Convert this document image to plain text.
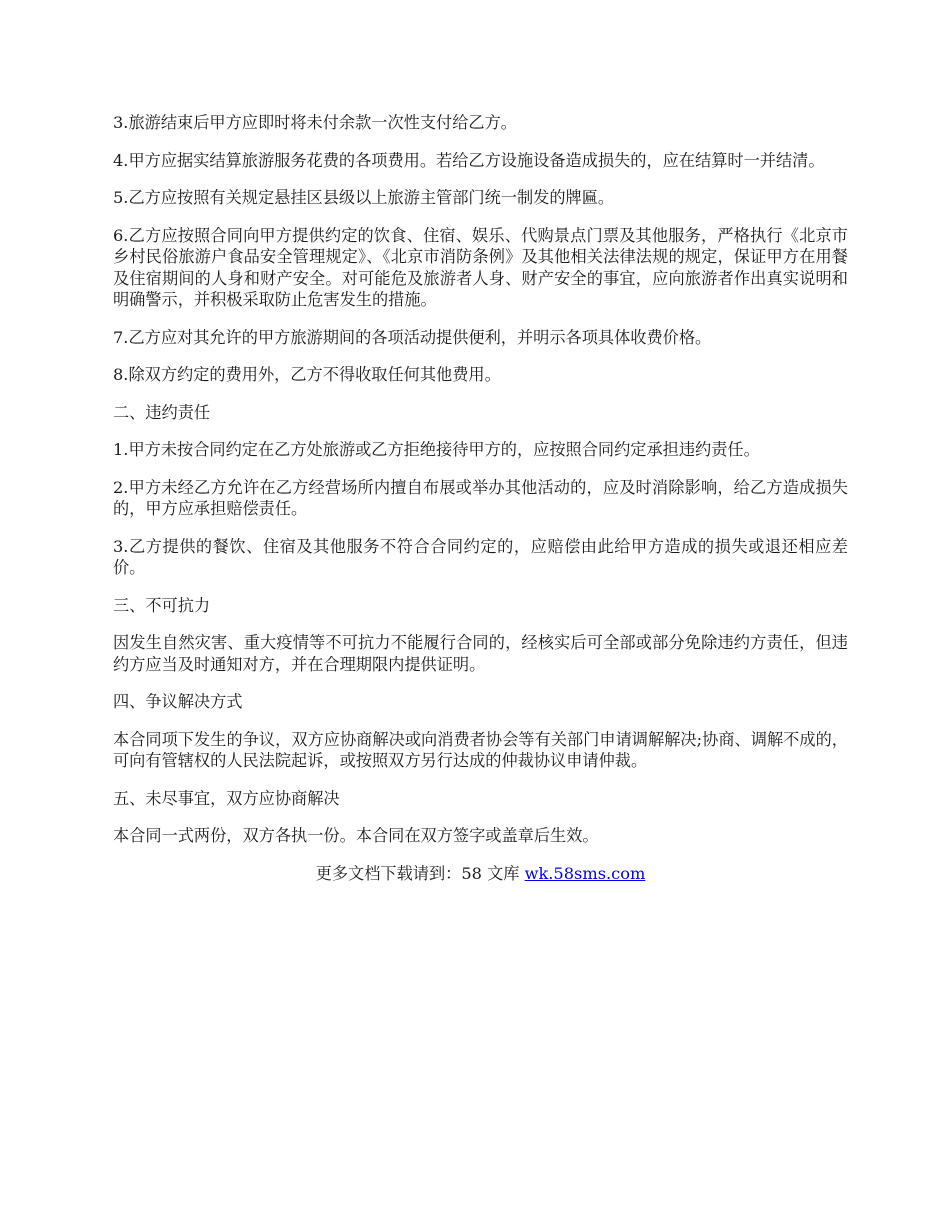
3.旅游结束后甲方应即时将未付余款一次性支付给乙方。

4.甲方应据实结算旅游服务花费的各项费用。若给乙方设施设备造成损失的，应在结算时一并结清。

5.乙方应按照有关规定悬挂区县级以上旅游主管部门统一制发的牌匾。

6.乙方应按照合同向甲方提供约定的饮食、住宿、娱乐、代购景点门票及其他服务，严格执行《北京市乡村民俗旅游户食品安全管理规定》、《北京市消防条例》及其他相关法律法规的规定，保证甲方在用餐及住宿期间的人身和财产安全。对可能危及旅游者人身、财产安全的事宜，应向旅游者作出真实说明和明确警示，并积极采取防止危害发生的措施。

7.乙方应对其允许的甲方旅游期间的各项活动提供便利，并明示各项具体收费价格。

8.除双方约定的费用外，乙方不得收取任何其他费用。

二、违约责任

1.甲方未按合同约定在乙方处旅游或乙方拒绝接待甲方的，应按照合同约定承担违约责任。

2.甲方未经乙方允许在乙方经营场所内擅自布展或举办其他活动的，应及时消除影响，给乙方造成损失的，甲方应承担赔偿责任。

3.乙方提供的餐饮、住宿及其他服务不符合合同约定的，应赔偿由此给甲方造成的损失或退还相应差价。

三、不可抗力

因发生自然灾害、重大疫情等不可抗力不能履行合同的，经核实后可全部或部分免除违约方责任，但违约方应当及时通知对方，并在合理期限内提供证明。

四、争议解决方式

本合同项下发生的争议，双方应协商解决或向消费者协会等有关部门申请调解解决;协商、调解不成的，可向有管辖权的人民法院起诉，或按照双方另行达成的仲裁协议申请仲裁。

五、未尽事宜，双方应协商解决

本合同一式两份，双方各执一份。本合同在双方签字或盖章后生效。

更多文档下载请到：58 文库 wk.58sms.com
